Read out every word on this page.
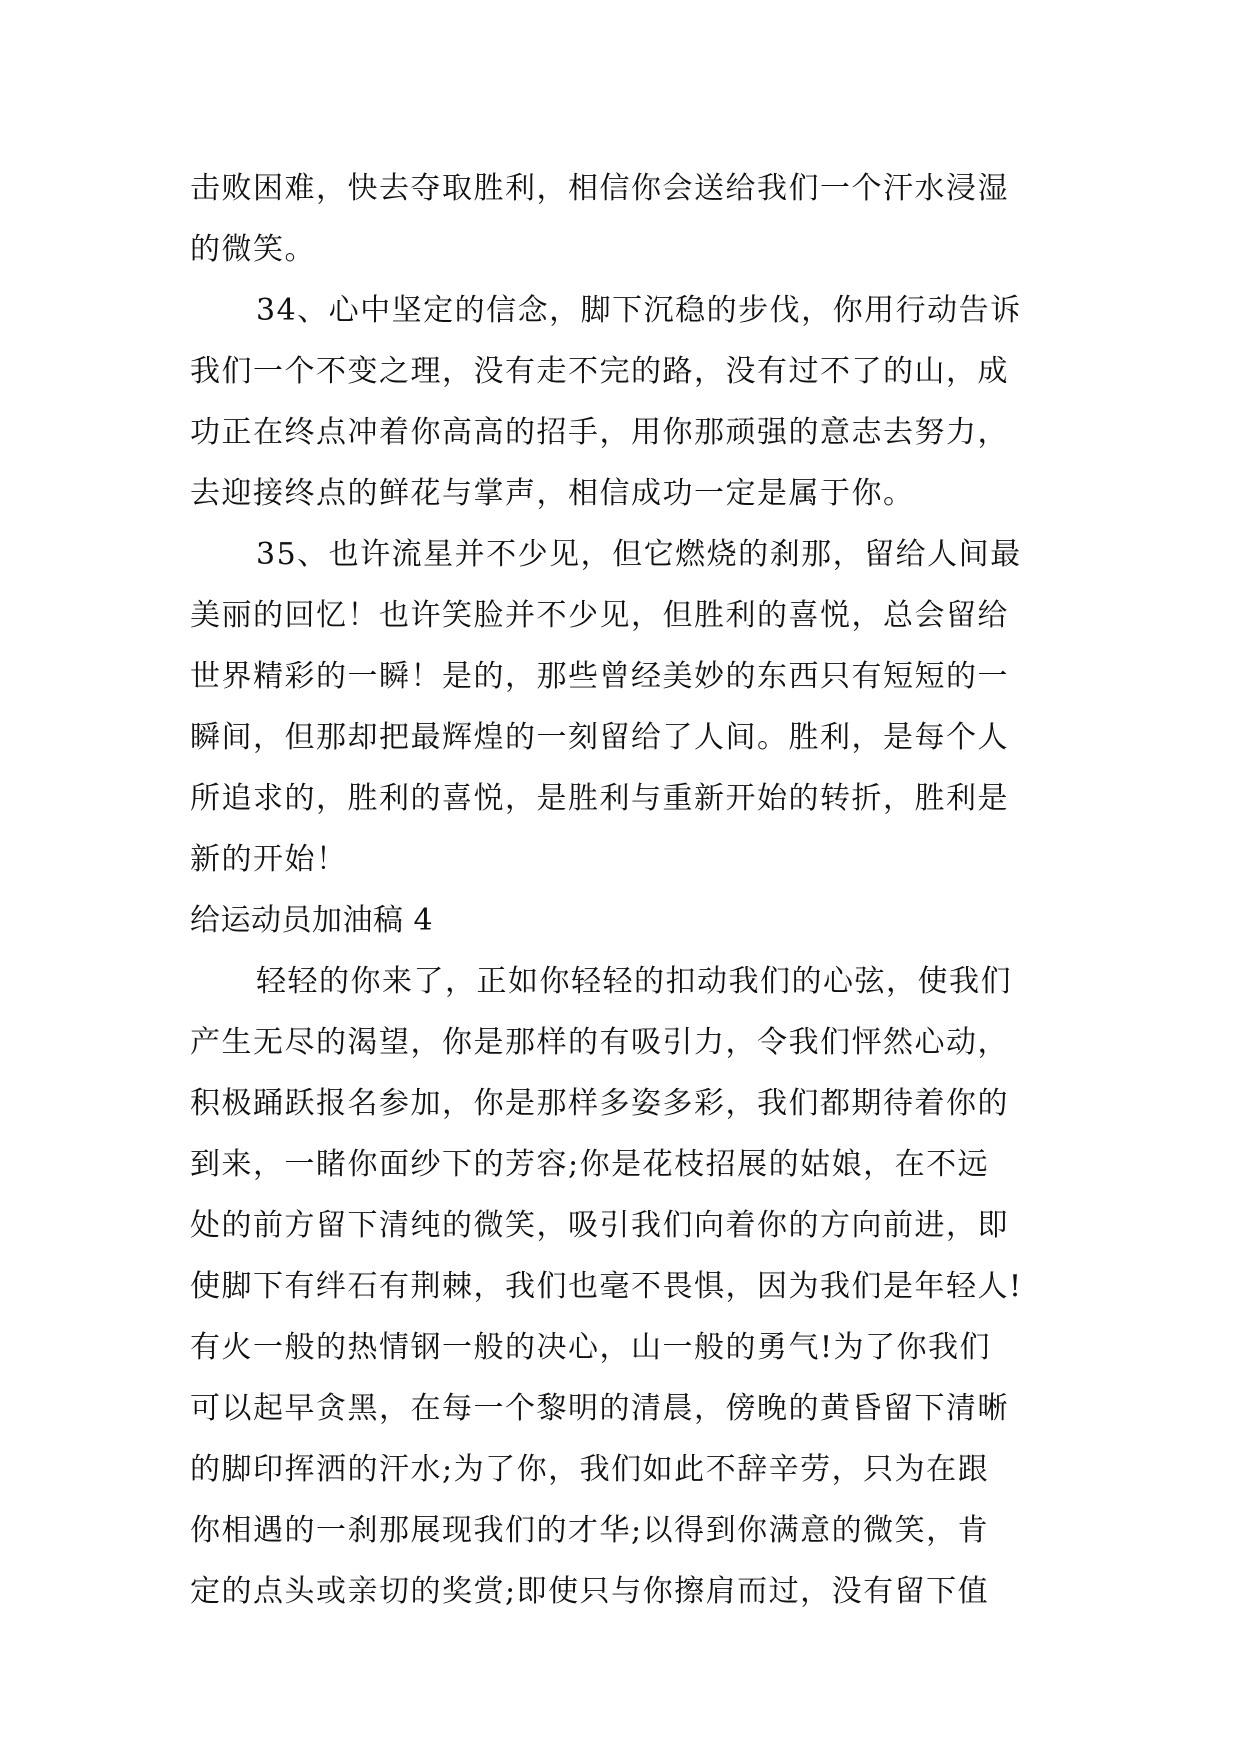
击败困难，快去夺取胜利，相信你会送给我们一个汗水浸湿
的微笑。
34、心中坚定的信念，脚下沉稳的步伐，你用行动告诉
我们一个不变之理，没有走不完的路，没有过不了的山，成
功正在终点冲着你高高的招手，用你那顽强的意志去努力，
去迎接终点的鲜花与掌声，相信成功一定是属于你。
35、也许流星并不少见，但它燃烧的刹那，留给人间最
美丽的回忆！也许笑脸并不少见，但胜利的喜悦，总会留给
世界精彩的一瞬！是的，那些曾经美妙的东西只有短短的一
瞬间，但那却把最辉煌的一刻留给了人间。胜利，是每个人
所追求的，胜利的喜悦，是胜利与重新开始的转折，胜利是
新的开始！
给运动员加油稿 4
轻轻的你来了，正如你轻轻的扣动我们的心弦，使我们
产生无尽的渴望，你是那样的有吸引力，令我们怦然心动，
积极踊跃报名参加，你是那样多姿多彩，我们都期待着你的
到来，一睹你面纱下的芳容;你是花枝招展的姑娘，在不远
处的前方留下清纯的微笑，吸引我们向着你的方向前进，即
使脚下有绊石有荆棘，我们也毫不畏惧，因为我们是年轻人!
有火一般的热情钢一般的决心，山一般的勇气!为了你我们
可以起早贪黑，在每一个黎明的清晨，傍晚的黄昏留下清晰
的脚印挥洒的汗水;为了你，我们如此不辞辛劳，只为在跟
你相遇的一刹那展现我们的才华;以得到你满意的微笑，肯
定的点头或亲切的奖赏;即使只与你擦肩而过，没有留下值
